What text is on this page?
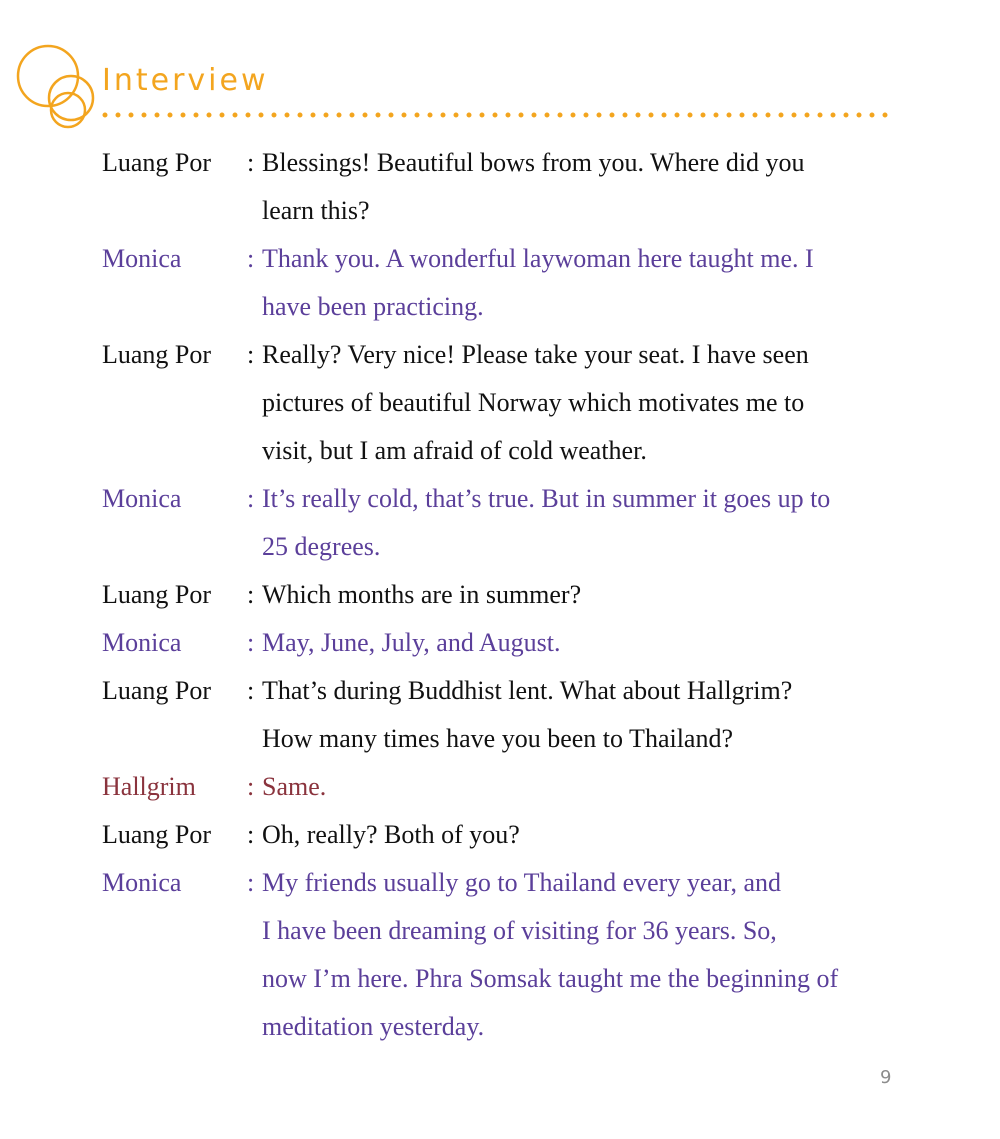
Interview
Luang Por	: Blessings! Beautiful bows from you. Where did you
learn this?
Monica	: Thank you. A wonderful laywoman here taught me. I
have been practicing.
Luang Por	: Really? Very nice! Please take your seat. I have seen
pictures of beautiful Norway which motivates me to
visit, but I am afraid of cold weather.
Monica	: It’s really cold, that’s true. But in summer it goes up to
25 degrees.
Luang Por	: Which months are in summer?
Monica	: May, June, July, and August.
Luang Por	: That’s during Buddhist lent. What about Hallgrim?
How many times have you been to Thailand?
Hallgrim	: Same.
Luang Por	: Oh, really? Both of you?
Monica	: My friends usually go to Thailand every year, and
I have been dreaming of visiting for 36 years. So,
now I’m here. Phra Somsak taught me the beginning of
meditation yesterday.
9
